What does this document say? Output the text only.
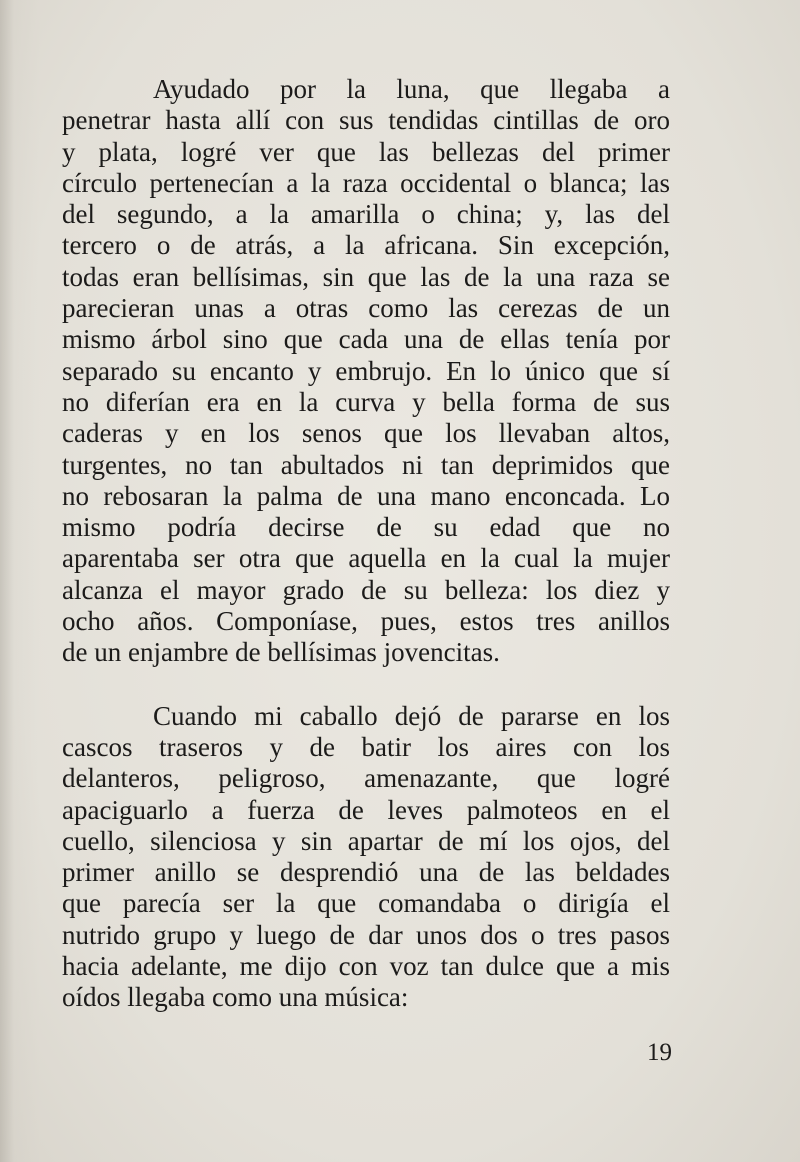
Ayudado por la luna, que llegaba a
penetrar hasta allí con sus tendidas cintillas de oro
y plata, logré ver que las bellezas del primer
círculo pertenecían a la raza occidental o blanca; las
del segundo, a la amarilla o china; y, las del
tercero o de atrás, a la africana. Sin excepción,
todas eran bellísimas, sin que las de la una raza se
parecieran unas a otras como las cerezas de un
mismo árbol sino que cada una de ellas tenía por
separado su encanto y embrujo. En lo único que sí
no diferían era en la curva y bella forma de sus
caderas y en los senos que los llevaban altos,
turgentes, no tan abultados ni tan deprimidos que
no rebosaran la palma de una mano enconcada. Lo
mismo podría decirse de su edad que no
aparentaba ser otra que aquella en la cual la mujer
alcanza el mayor grado de su belleza: los diez y
ocho años. Componíase, pues, estos tres anillos
de un enjambre de bellísimas jovencitas.
Cuando mi caballo dejó de pararse en los
cascos traseros y de batir los aires con los
delanteros, peligroso, amenazante, que logré
apaciguarlo a fuerza de leves palmoteos en el
cuello, silenciosa y sin apartar de mí los ojos, del
primer anillo se desprendió una de las beldades
que parecía ser la que comandaba o dirigía el
nutrido grupo y luego de dar unos dos o tres pasos
hacia adelante, me dijo con voz tan dulce que a mis
oídos llegaba como una música:
19
